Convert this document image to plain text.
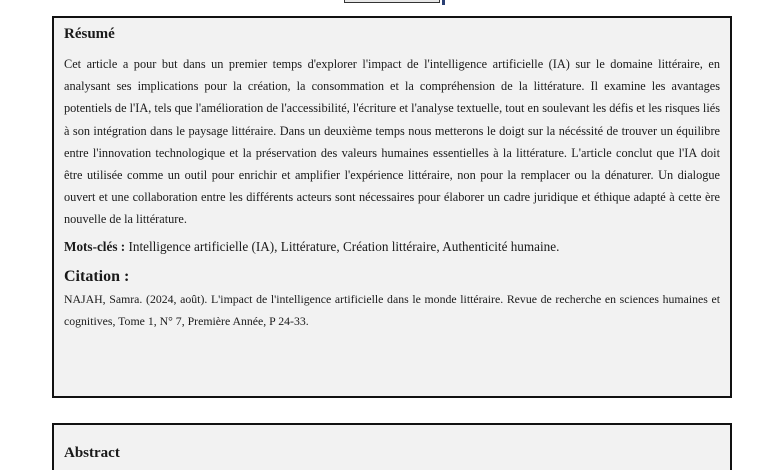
Résumé

Cet article a pour but dans un premier temps d'explorer l'impact de l'intelligence artificielle (IA) sur le domaine littéraire, en analysant ses implications pour la création, la consommation et la compréhension de la littérature. Il examine les avantages potentiels de l'IA, tels que l'amélioration de l'accessibilité, l'écriture et l'analyse textuelle, tout en soulevant les défis et les risques liés à son intégration dans le paysage littéraire. Dans un deuxième temps nous metterons le doigt sur la nécéssité de trouver un équilibre entre l'innovation technologique et la préservation des valeurs humaines essentielles à la littérature. L'article conclut que l'IA doit être utilisée comme un outil pour enrichir et amplifier l'expérience littéraire, non pour la remplacer ou la dénaturer. Un dialogue ouvert et une collaboration entre les différents acteurs sont nécessaires pour élaborer un cadre juridique et éthique adapté à cette ère nouvelle de la littérature.

Mots-clés : Intelligence artificielle (IA), Littérature, Création littéraire, Authenticité humaine.

Citation :

NAJAH, Samra. (2024, août). L'impact de l'intelligence artificielle dans le monde littéraire. Revue de recherche en sciences humaines et cognitives, Tome 1, N° 7, Première Année, P 24-33.

Abstract
